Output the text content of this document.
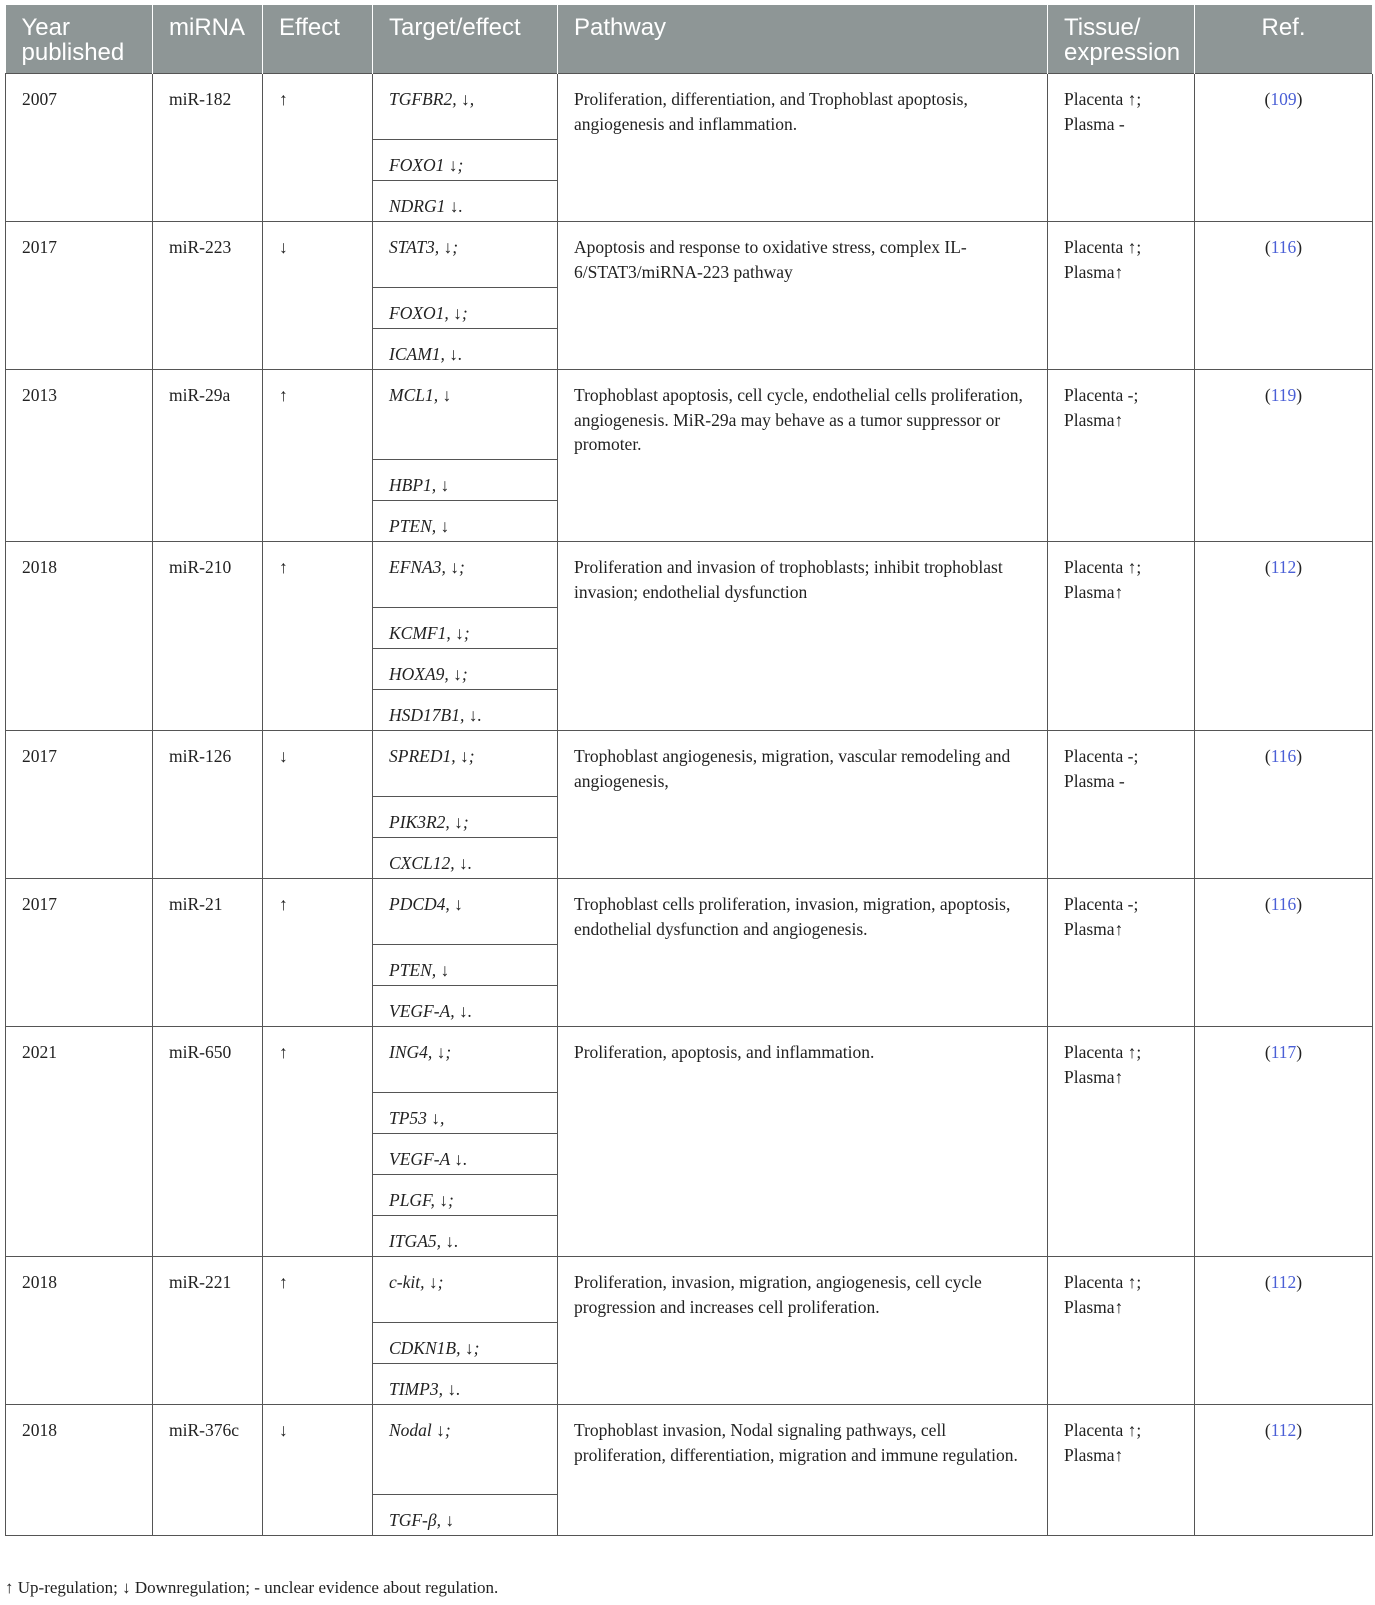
Year published	miRNA	Effect	Target/effect	Pathway	Tissue/ expression	Ref.
2007	miR-182	↑	TGFBR2, ↓,	Proliferation, differentiation, and Trophoblast apoptosis, angiogenesis and inflammation.	Placenta ↑; Plasma -	(109)
			FOXO1 ↓;			
			NDRG1 ↓.			
2017	miR-223	↓	STAT3, ↓;	Apoptosis and response to oxidative stress, complex IL-6/STAT3/miRNA-223 pathway	Placenta ↑; Plasma↑	(116)
			FOXO1, ↓;			
			ICAM1, ↓.			
2013	miR-29a	↑	MCL1, ↓	Trophoblast apoptosis, cell cycle, endothelial cells proliferation, angiogenesis. MiR-29a may behave as a tumor suppressor or promoter.	Placenta -; Plasma↑	(119)
			HBP1, ↓			
			PTEN, ↓			
2018	miR-210	↑	EFNA3, ↓;	Proliferation and invasion of trophoblasts; inhibit trophoblast invasion; endothelial dysfunction	Placenta ↑; Plasma↑	(112)
			KCMF1, ↓;			
			HOXA9, ↓;			
			HSD17B1, ↓.			
2017	miR-126	↓	SPRED1, ↓;	Trophoblast angiogenesis, migration, vascular remodeling and angiogenesis,	Placenta -; Plasma -	(116)
			PIK3R2, ↓;			
			CXCL12, ↓.			
2017	miR-21	↑	PDCD4, ↓	Trophoblast cells proliferation, invasion, migration, apoptosis, endothelial dysfunction and angiogenesis.	Placenta -; Plasma↑	(116)
			PTEN, ↓			
			VEGF-A, ↓.			
2021	miR-650	↑	ING4, ↓;	Proliferation, apoptosis, and inflammation.	Placenta ↑; Plasma↑	(117)
			TP53 ↓,			
			VEGF-A ↓.			
			PLGF, ↓;			
			ITGA5, ↓.			
2018	miR-221	↑	c-kit, ↓;	Proliferation, invasion, migration, angiogenesis, cell cycle progression and increases cell proliferation.	Placenta ↑; Plasma↑	(112)
			CDKN1B, ↓;			
			TIMP3, ↓.			
2018	miR-376c	↓	Nodal ↓;	Trophoblast invasion, Nodal signaling pathways, cell proliferation, differentiation, migration and immune regulation.	Placenta ↑; Plasma↑	(112)
			TGF-β, ↓			
↑ Up-regulation; ↓ Downregulation; - unclear evidence about regulation.
